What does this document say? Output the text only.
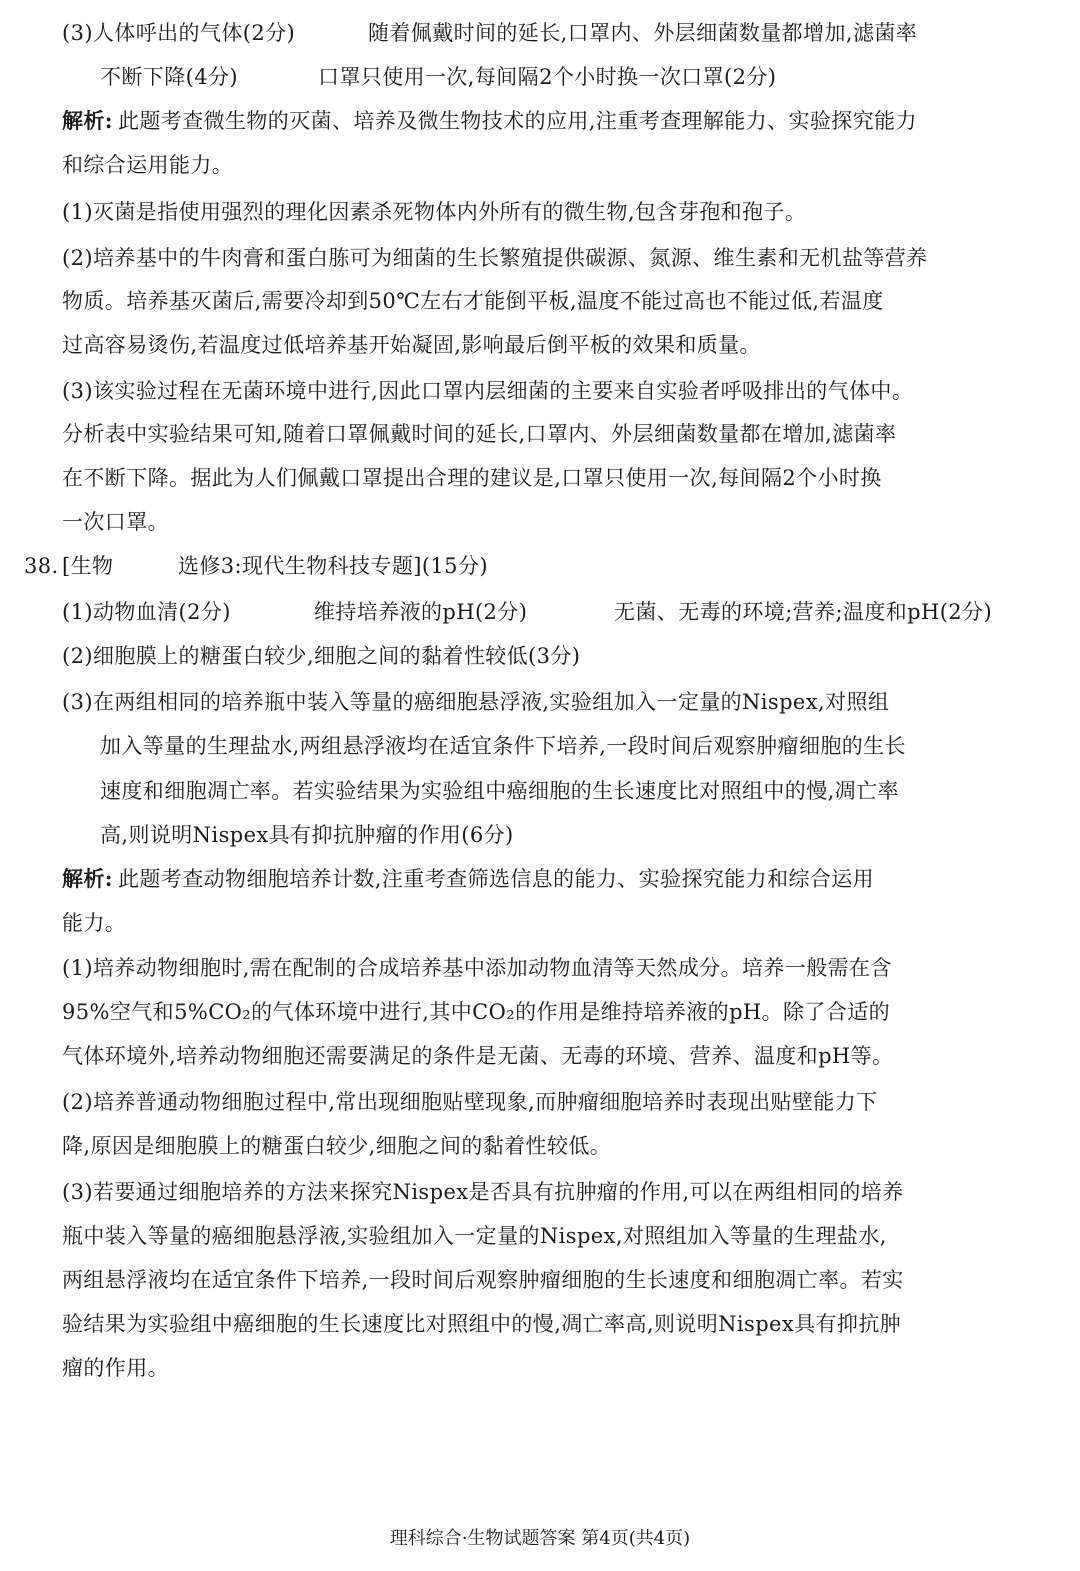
(3)人体呼出的气体(2分)	随着佩戴时间的延长,口罩内、外层细菌数量都增加,滤菌率
不断下降(4分)	口罩只使用一次,每间隔2个小时换一次口罩(2分)
解析: 此题考查微生物的灭菌、培养及微生物技术的应用,注重考查理解能力、实验探究能力
和综合运用能力。
(1)灭菌是指使用强烈的理化因素杀死物体内外所有的微生物,包含芽孢和孢子。
(2)培养基中的牛肉膏和蛋白胨可为细菌的生长繁殖提供碳源、氮源、维生素和无机盐等营养
物质。培养基灭菌后,需要冷却到50℃左右才能倒平板,温度不能过高也不能过低,若温度
过高容易烫伤,若温度过低培养基开始凝固,影响最后倒平板的效果和质量。
(3)该实验过程在无菌环境中进行,因此口罩内层细菌的主要来自实验者呼吸排出的气体中。
分析表中实验结果可知,随着口罩佩戴时间的延长,口罩内、外层细菌数量都在增加,滤菌率
在不断下降。据此为人们佩戴口罩提出合理的建议是,口罩只使用一次,每间隔2个小时换
一次口罩。
38. [生物	选修3:现代生物科技专题](15分)
(1)动物血清(2分)	维持培养液的pH(2分)	无菌、无毒的环境;营养;温度和pH(2分)
(2)细胞膜上的糖蛋白较少,细胞之间的黏着性较低(3分)
(3)在两组相同的培养瓶中装入等量的癌细胞悬浮液,实验组加入一定量的Nispex,对照组
加入等量的生理盐水,两组悬浮液均在适宜条件下培养,一段时间后观察肿瘤细胞的生长
速度和细胞凋亡率。若实验结果为实验组中癌细胞的生长速度比对照组中的慢,凋亡率
高,则说明Nispex具有抑抗肿瘤的作用(6分)
解析: 此题考查动物细胞培养计数,注重考查筛选信息的能力、实验探究能力和综合运用
能力。
(1)培养动物细胞时,需在配制的合成培养基中添加动物血清等天然成分。培养一般需在含
95%空气和5%CO₂的气体环境中进行,其中CO₂的作用是维持培养液的pH。除了合适的
气体环境外,培养动物细胞还需要满足的条件是无菌、无毒的环境、营养、温度和pH等。
(2)培养普通动物细胞过程中,常出现细胞贴壁现象,而肿瘤细胞培养时表现出贴壁能力下
降,原因是细胞膜上的糖蛋白较少,细胞之间的黏着性较低。
(3)若要通过细胞培养的方法来探究Nispex是否具有抗肿瘤的作用,可以在两组相同的培养
瓶中装入等量的癌细胞悬浮液,实验组加入一定量的Nispex,对照组加入等量的生理盐水,
两组悬浮液均在适宜条件下培养,一段时间后观察肿瘤细胞的生长速度和细胞凋亡率。若实
验结果为实验组中癌细胞的生长速度比对照组中的慢,凋亡率高,则说明Nispex具有抑抗肿
瘤的作用。
理科综合·生物试题答案 第4页(共4页)
